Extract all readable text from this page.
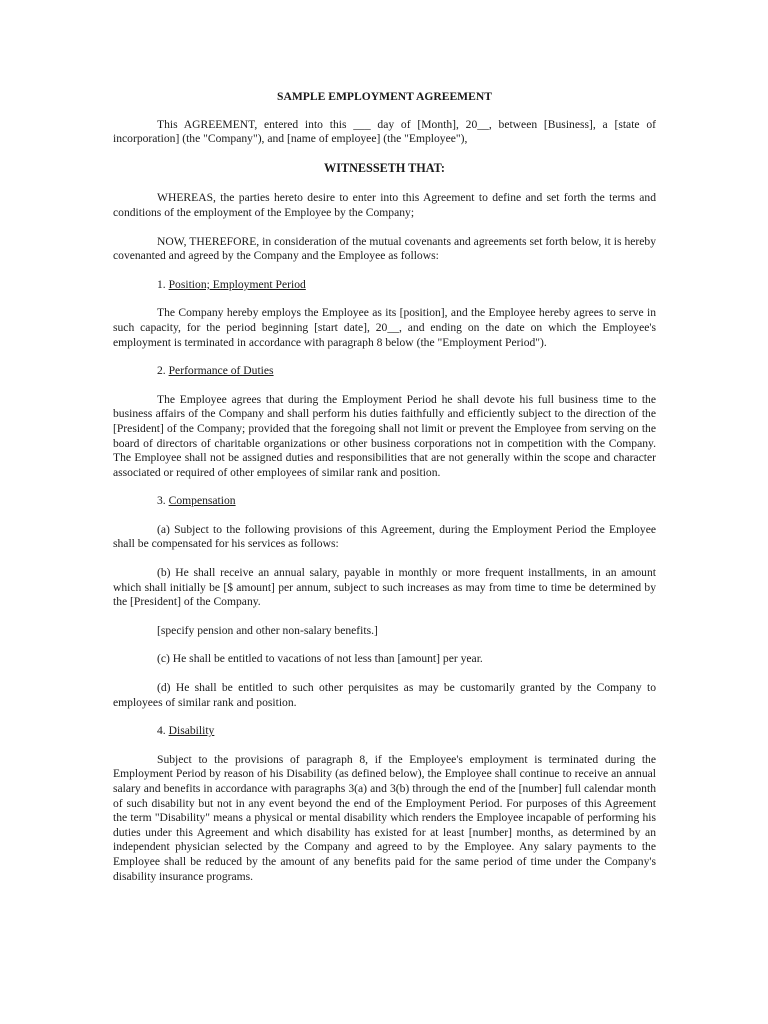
SAMPLE EMPLOYMENT AGREEMENT

This AGREEMENT, entered into this ___ day of [Month], 20__, between [Business], a [state of incorporation] (the "Company"), and [name of employee] (the "Employee"),

WITNESSETH THAT:

WHEREAS, the parties hereto desire to enter into this Agreement to define and set forth the terms and conditions of the employment of the Employee by the Company;

NOW, THEREFORE, in consideration of the mutual covenants and agreements set forth below, it is hereby covenanted and agreed by the Company and the Employee as follows:

1. Position; Employment Period

The Company hereby employs the Employee as its [position], and the Employee hereby agrees to serve in such capacity, for the period beginning [start date], 20__, and ending on the date on which the Employee's employment is terminated in accordance with paragraph 8 below (the "Employment Period").

2. Performance of Duties

The Employee agrees that during the Employment Period he shall devote his full business time to the business affairs of the Company and shall perform his duties faithfully and efficiently subject to the direction of the [President] of the Company; provided that the foregoing shall not limit or prevent the Employee from serving on the board of directors of charitable organizations or other business corporations not in competition with the Company. The Employee shall not be assigned duties and responsibilities that are not generally within the scope and character associated or required of other employees of similar rank and position.

3. Compensation

(a) Subject to the following provisions of this Agreement, during the Employment Period the Employee shall be compensated for his services as follows:

(b) He shall receive an annual salary, payable in monthly or more frequent installments, in an amount which shall initially be [$ amount] per annum, subject to such increases as may from time to time be determined by the [President] of the Company.

[specify pension and other non-salary benefits.]

(c) He shall be entitled to vacations of not less than [amount] per year.

(d) He shall be entitled to such other perquisites as may be customarily granted by the Company to employees of similar rank and position.

4. Disability

Subject to the provisions of paragraph 8, if the Employee's employment is terminated during the Employment Period by reason of his Disability (as defined below), the Employee shall continue to receive an annual salary and benefits in accordance with paragraphs 3(a) and 3(b) through the end of the [number] full calendar month of such disability but not in any event beyond the end of the Employment Period. For purposes of this Agreement the term "Disability" means a physical or mental disability which renders the Employee incapable of performing his duties under this Agreement and which disability has existed for at least [number] months, as determined by an independent physician selected by the Company and agreed to by the Employee. Any salary payments to the Employee shall be reduced by the amount of any benefits paid for the same period of time under the Company's disability insurance programs.
